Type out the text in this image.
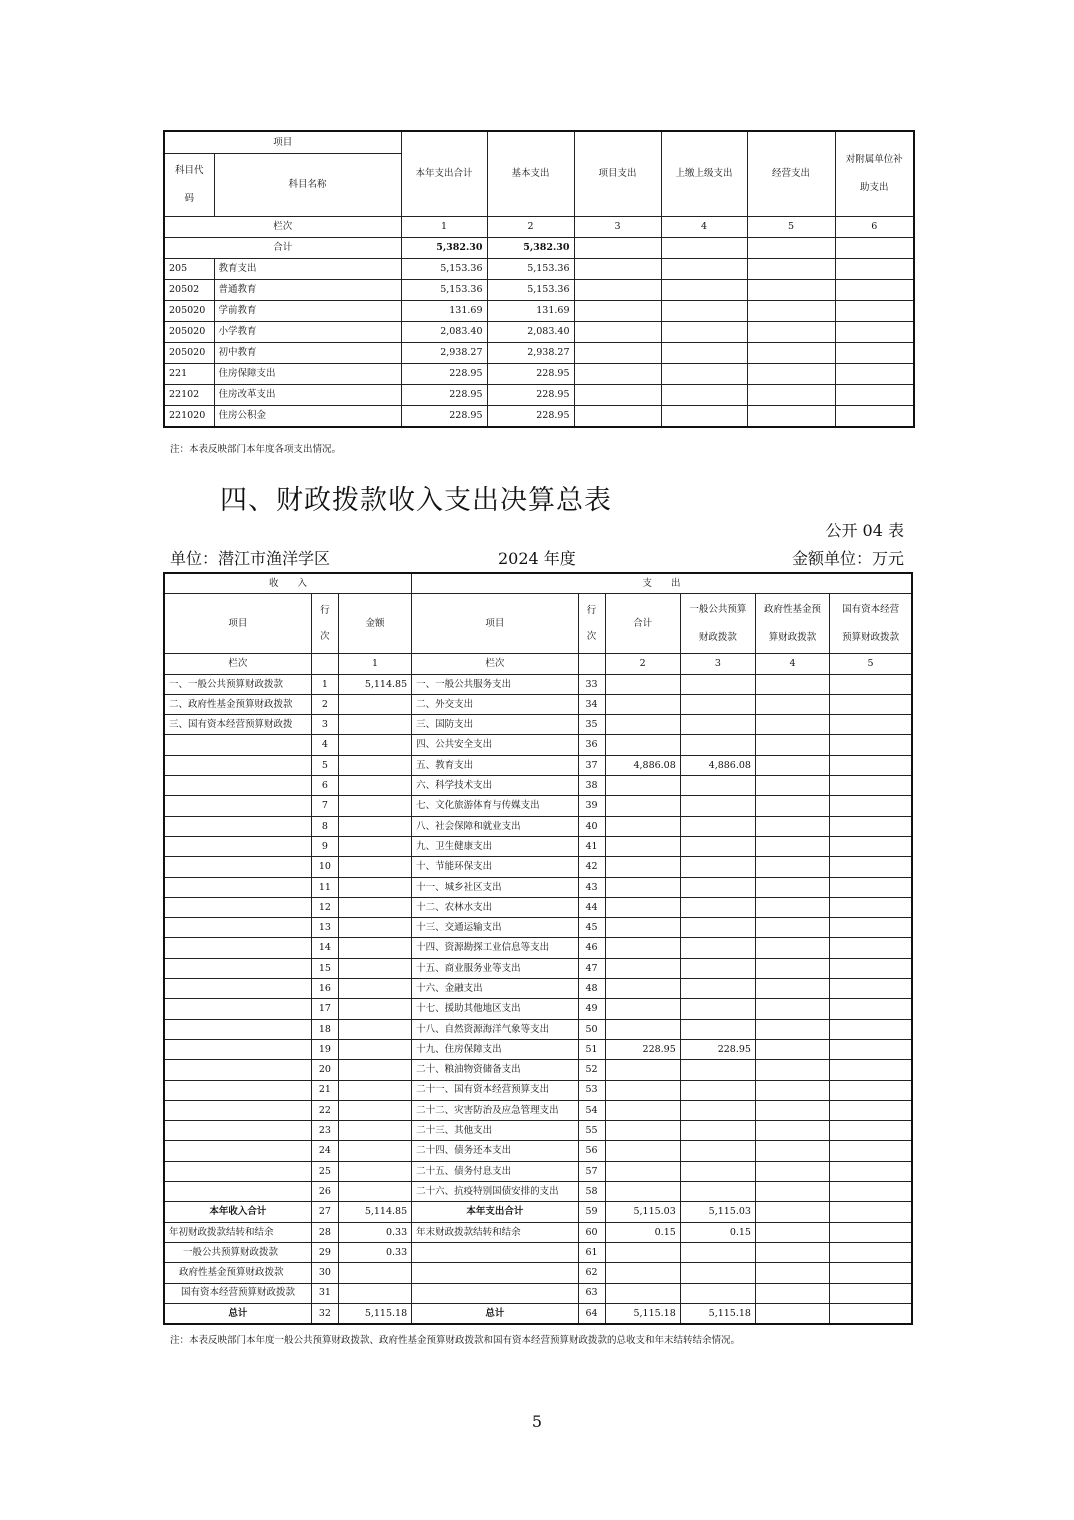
项目		本年支出合计	基本支出	项目支出	上缴上级支出	经营支出	对附属单位补助支出
科目代码	科目名称						
栏次		1	2	3	4	5	6
合计		5,382.30	5,382.30				
205	教育支出	5,153.36	5,153.36				
20502	普通教育	5,153.36	5,153.36				
205020	学前教育	131.69	131.69				
205020	小学教育	2,083.40	2,083.40				
205020	初中教育	2,938.27	2,938.27				
221	住房保障支出	228.95	228.95				
22102	住房改革支出	228.95	228.95				
221020	住房公积金	228.95	228.95				
注：本表反映部门本年度各项支出情况。
四、财政拨款收入支出决算总表
公开 04 表
单位：潜江市渔洋学区	2024 年度	金额单位：万元
收　　入			支　　出					
项目	行次	金额	项目	行次	合计	一般公共预算财政拨款	政府性基金预算财政拨款	国有资本经营预算财政拨款
栏次		1	栏次		2	3	4	5
一、一般公共预算财政拨款	1	5,114.85	一、一般公共服务支出	33				
二、政府性基金预算财政拨款	2		二、外交支出	34				
三、国有资本经营预算财政拨	3		三、国防支出	35				
	4		四、公共安全支出	36				
	5		五、教育支出	37	4,886.08	4,886.08		
	6		六、科学技术支出	38				
	7		七、文化旅游体育与传媒支出	39				
	8		八、社会保障和就业支出	40				
	9		九、卫生健康支出	41				
	10		十、节能环保支出	42				
	11		十一、城乡社区支出	43				
	12		十二、农林水支出	44				
	13		十三、交通运输支出	45				
	14		十四、资源勘探工业信息等支出	46				
	15		十五、商业服务业等支出	47				
	16		十六、金融支出	48				
	17		十七、援助其他地区支出	49				
	18		十八、自然资源海洋气象等支出	50				
	19		十九、住房保障支出	51	228.95	228.95		
	20		二十、粮油物资储备支出	52				
	21		二十一、国有资本经营预算支出	53				
	22		二十二、灾害防治及应急管理支出	54				
	23		二十三、其他支出	55				
	24		二十四、债务还本支出	56				
	25		二十五、债务付息支出	57				
	26		二十六、抗疫特别国债安排的支出	58				
本年收入合计	27	5,114.85	本年支出合计	59	5,115.03	5,115.03		
年初财政拨款结转和结余	28	0.33	年末财政拨款结转和结余	60	0.15	0.15		
一般公共预算财政拨款	29	0.33		61				
政府性基金预算财政拨款	30			62				
国有资本经营预算财政拨款	31			63				
总计	32	5,115.18	总计	64	5,115.18	5,115.18		
注：本表反映部门本年度一般公共预算财政拨款、政府性基金预算财政拨款和国有资本经营预算财政拨款的总收支和年末结转结余情况。
5
